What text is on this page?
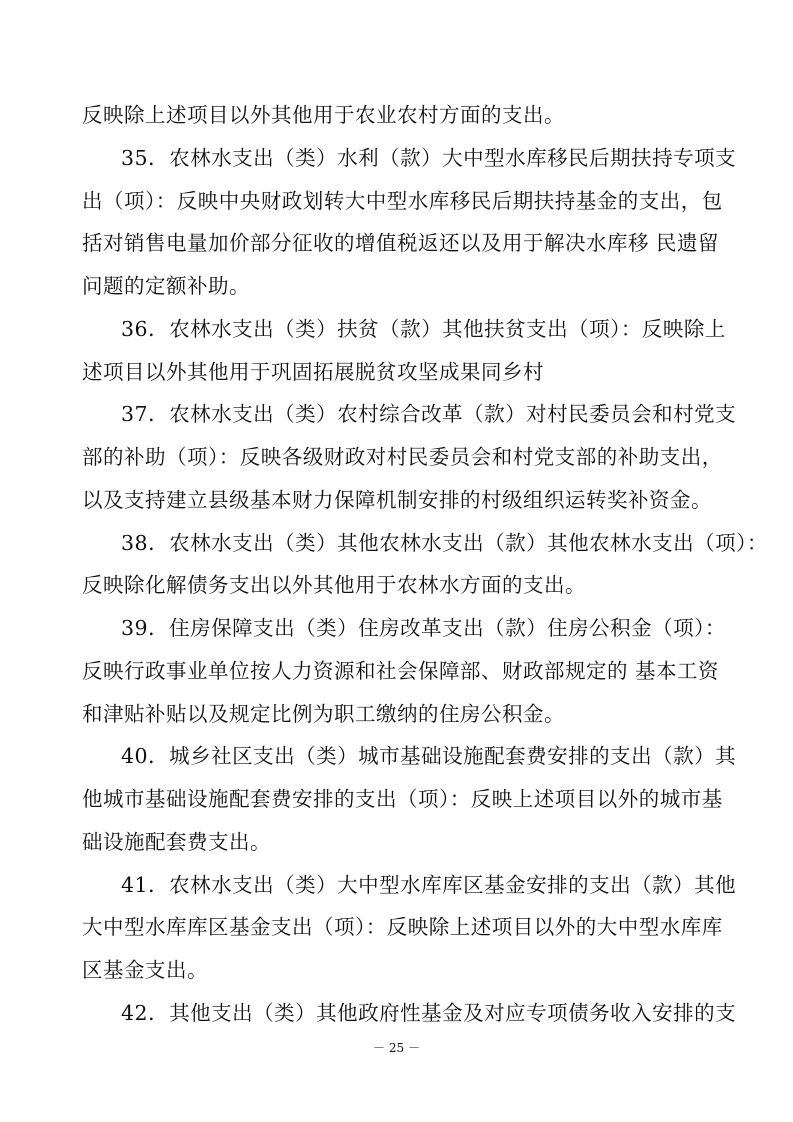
反映除上述项目以外其他用于农业农村方面的支出。
35．农林水支出（类）水利（款）大中型水库移民后期扶持专项支
出（项）：反映中央财政划转大中型水库移民后期扶持基金的支出，包
括对销售电量加价部分征收的增值税返还以及用于解决水库移 民遗留
问题的定额补助。
36．农林水支出（类）扶贫（款）其他扶贫支出（项）：反映除上
述项目以外其他用于巩固拓展脱贫攻坚成果同乡村
37．农林水支出（类）农村综合改革（款）对村民委员会和村党支
部的补助（项）：反映各级财政对村民委员会和村党支部的补助支出，
以及支持建立县级基本财力保障机制安排的村级组织运转奖补资金。
38．农林水支出（类）其他农林水支出（款）其他农林水支出（项）：
反映除化解债务支出以外其他用于农林水方面的支出。
39．住房保障支出（类）住房改革支出（款）住房公积金（项）：
反映行政事业单位按人力资源和社会保障部、财政部规定的 基本工资
和津贴补贴以及规定比例为职工缴纳的住房公积金。
40．城乡社区支出（类）城市基础设施配套费安排的支出（款）其
他城市基础设施配套费安排的支出（项）：反映上述项目以外的城市基
础设施配套费支出。
41．农林水支出（类）大中型水库库区基金安排的支出（款）其他
大中型水库库区基金支出（项）：反映除上述项目以外的大中型水库库
区基金支出。
42．其他支出（类）其他政府性基金及对应专项债务收入安排的支
－ 25 －
